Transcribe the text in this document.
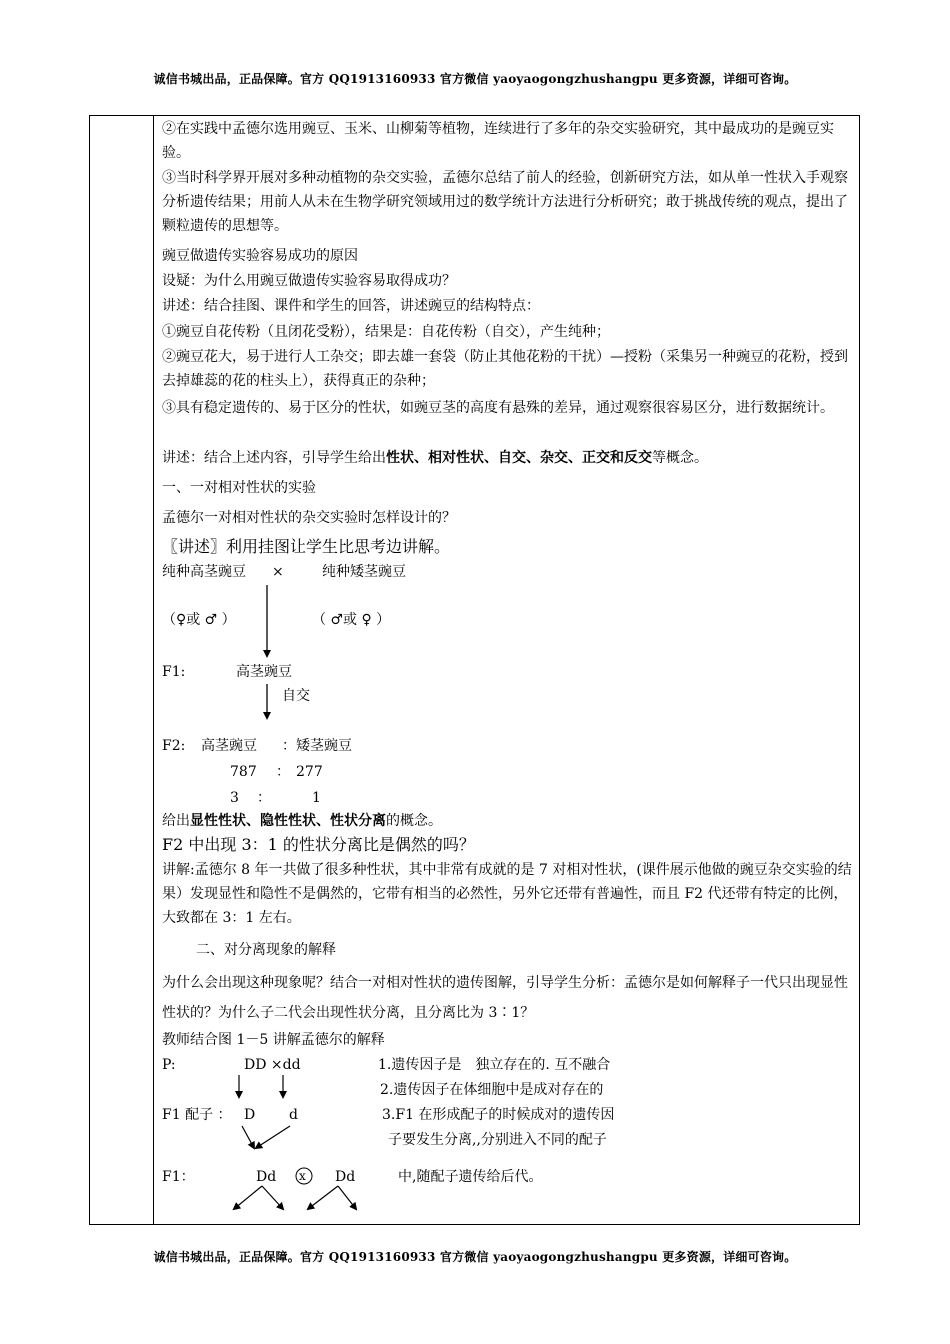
诚信书城出品，正品保障。官方 QQ1913160933 官方微信 yaoyaogongzhushangpu 更多资源，详细可咨询。
②在实践中孟德尔选用豌豆、玉米、山柳菊等植物，连续进行了多年的杂交实验研究，其中最成功的是豌豆实验。
③当时科学界开展对多种动植物的杂交实验，孟德尔总结了前人的经验，创新研究方法，如从单一性状入手观察分析遗传结果；用前人从未在生物学研究领域用过的数学统计方法进行分析研究；敢于挑战传统的观点，提出了颗粒遗传的思想等。
豌豆做遗传实验容易成功的原因
设疑：为什么用豌豆做遗传实验容易取得成功？
讲述：结合挂图、课件和学生的回答，讲述豌豆的结构特点：
①豌豆自花传粉（且闭花受粉），结果是：自花传粉（自交），产生纯种；
②豌豆花大，易于进行人工杂交；即去雄一套袋（防止其他花粉的干扰）—授粉（采集另一种豌豆的花粉，授到去掉雄蕊的花的柱头上），获得真正的杂种；
③具有稳定遗传的、易于区分的性状，如豌豆茎的高度有悬殊的差异，通过观察很容易区分，进行数据统计。
讲述：结合上述内容，引导学生给出性状、相对性状、自交、杂交、正交和反交等概念。
一、一对相对性状的实验
孟德尔一对相对性状的杂交实验时怎样设计的？
〖讲述〗利用挂图让学生比思考边讲解。
纯种高茎豌豆 ×	纯种矮茎豌豆
（♀或 ♂ ）	（ ♂或 ♀ ）
F1:	高茎豌豆
自交
F2: 高茎豌豆 ： 矮茎豌豆
787 ： 277
3 ：	1
给出显性性状、隐性性状、性状分离的概念。
F2 中出现 3：1 的性状分离比是偶然的吗？
讲解:孟德尔 8 年一共做了很多种性状，其中非常有成就的是 7 对相对性状，(课件展示他做的豌豆杂交实验的结果）发现显性和隐性不是偶然的，它带有相当的必然性，另外它还带有普遍性，而且 F2 代还带有特定的比例，大致都在 3：1 左右。
二、对分离现象的解释
为什么会出现这种现象呢？结合一对相对性状的遗传图解，引导学生分析：孟德尔是如何解释子一代只出现显性性状的？为什么子二代会出现性状分离，且分离比为 3∶1？
教师结合图 1－5 讲解孟德尔的解释
P:	DD ×dd
F1 配子 ： D d
F1：	Dd x Dd
1.遗传因子是　独立存在的. 互不融合
2.遗传因子在体细胞中是成对存在的
3.F1 在形成配子的时候成对的遗传因
子要发生分离,,分别进入不同的配子
中,随配子遗传给后代。
诚信书城出品，正品保障。官方 QQ1913160933 官方微信 yaoyaogongzhushangpu 更多资源，详细可咨询。
